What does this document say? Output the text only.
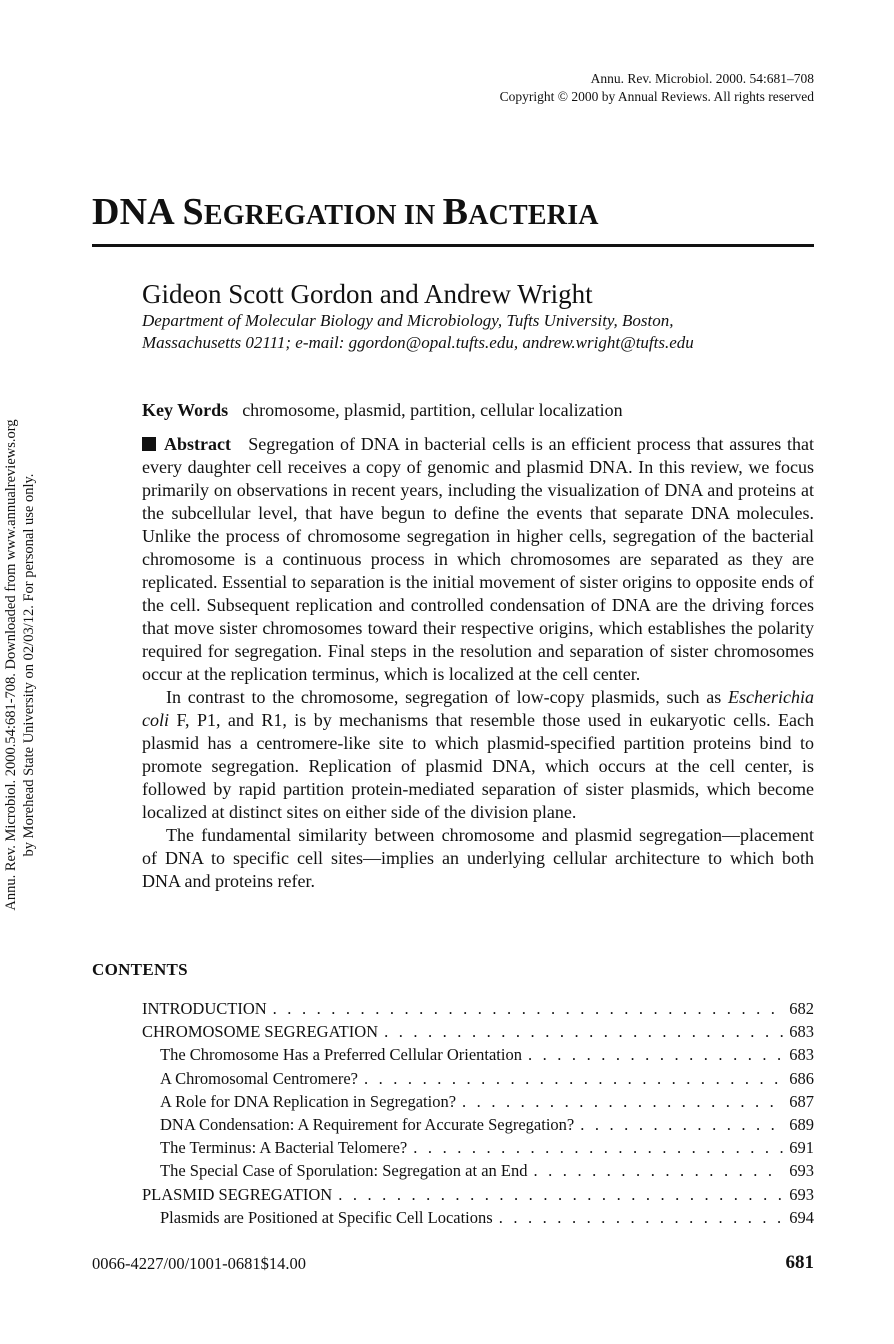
Annu. Rev. Microbiol. 2000. 54:681–708
Copyright © 2000 by Annual Reviews. All rights reserved
Annu. Rev. Microbiol. 2000.54:681-708. Downloaded from www.annualreviews.org by Morehead State University on 02/03/12. For personal use only.
DNA SEGREGATION IN BACTERIA
Gideon Scott Gordon and Andrew Wright
Department of Molecular Biology and Microbiology, Tufts University, Boston,
Massachusetts 02111; e-mail: ggordon@opal.tufts.edu, andrew.wright@tufts.edu
Key Words chromosome, plasmid, partition, cellular localization

Abstract Segregation of DNA in bacterial cells is an efficient process that assures that every daughter cell receives a copy of genomic and plasmid DNA. In this review, we focus primarily on observations in recent years, including the visualization of DNA and proteins at the subcellular level, that have begun to define the events that separate DNA molecules. Unlike the process of chromosome segregation in higher cells, segregation of the bacterial chromosome is a continuous process in which chromosomes are separated as they are replicated. Essential to separation is the initial movement of sister origins to opposite ends of the cell. Subsequent replication and controlled condensation of DNA are the driving forces that move sister chromosomes toward their respective origins, which establishes the polarity required for segregation. Final steps in the resolution and separation of sister chromosomes occur at the replication terminus, which is localized at the cell center.

In contrast to the chromosome, segregation of low-copy plasmids, such as Escherichia coli F, P1, and R1, is by mechanisms that resemble those used in eukaryotic cells. Each plasmid has a centromere-like site to which plasmid-specified partition proteins bind to promote segregation. Replication of plasmid DNA, which occurs at the cell center, is followed by rapid partition protein-mediated separation of sister plasmids, which become localized at distinct sites on either side of the division plane.

The fundamental similarity between chromosome and plasmid segregation—placement of DNA to specific cell sites—implies an underlying cellular architecture to which both DNA and proteins refer.

CONTENTS
INTRODUCTION . . .	682
CHROMOSOME SEGREGATION . . .	683
The Chromosome Has a Preferred Cellular Orientation . . .	683
A Chromosomal Centromere? . . .	686
A Role for DNA Replication in Segregation? . . .	687
DNA Condensation: A Requirement for Accurate Segregation? . . .	689
The Terminus: A Bacterial Telomere? . . .	691
The Special Case of Sporulation: Segregation at an End . . .	693
PLASMID SEGREGATION . . .	693
Plasmids are Positioned at Specific Cell Locations . . .	694
0066-4227/00/1001-0681$14.00	681
